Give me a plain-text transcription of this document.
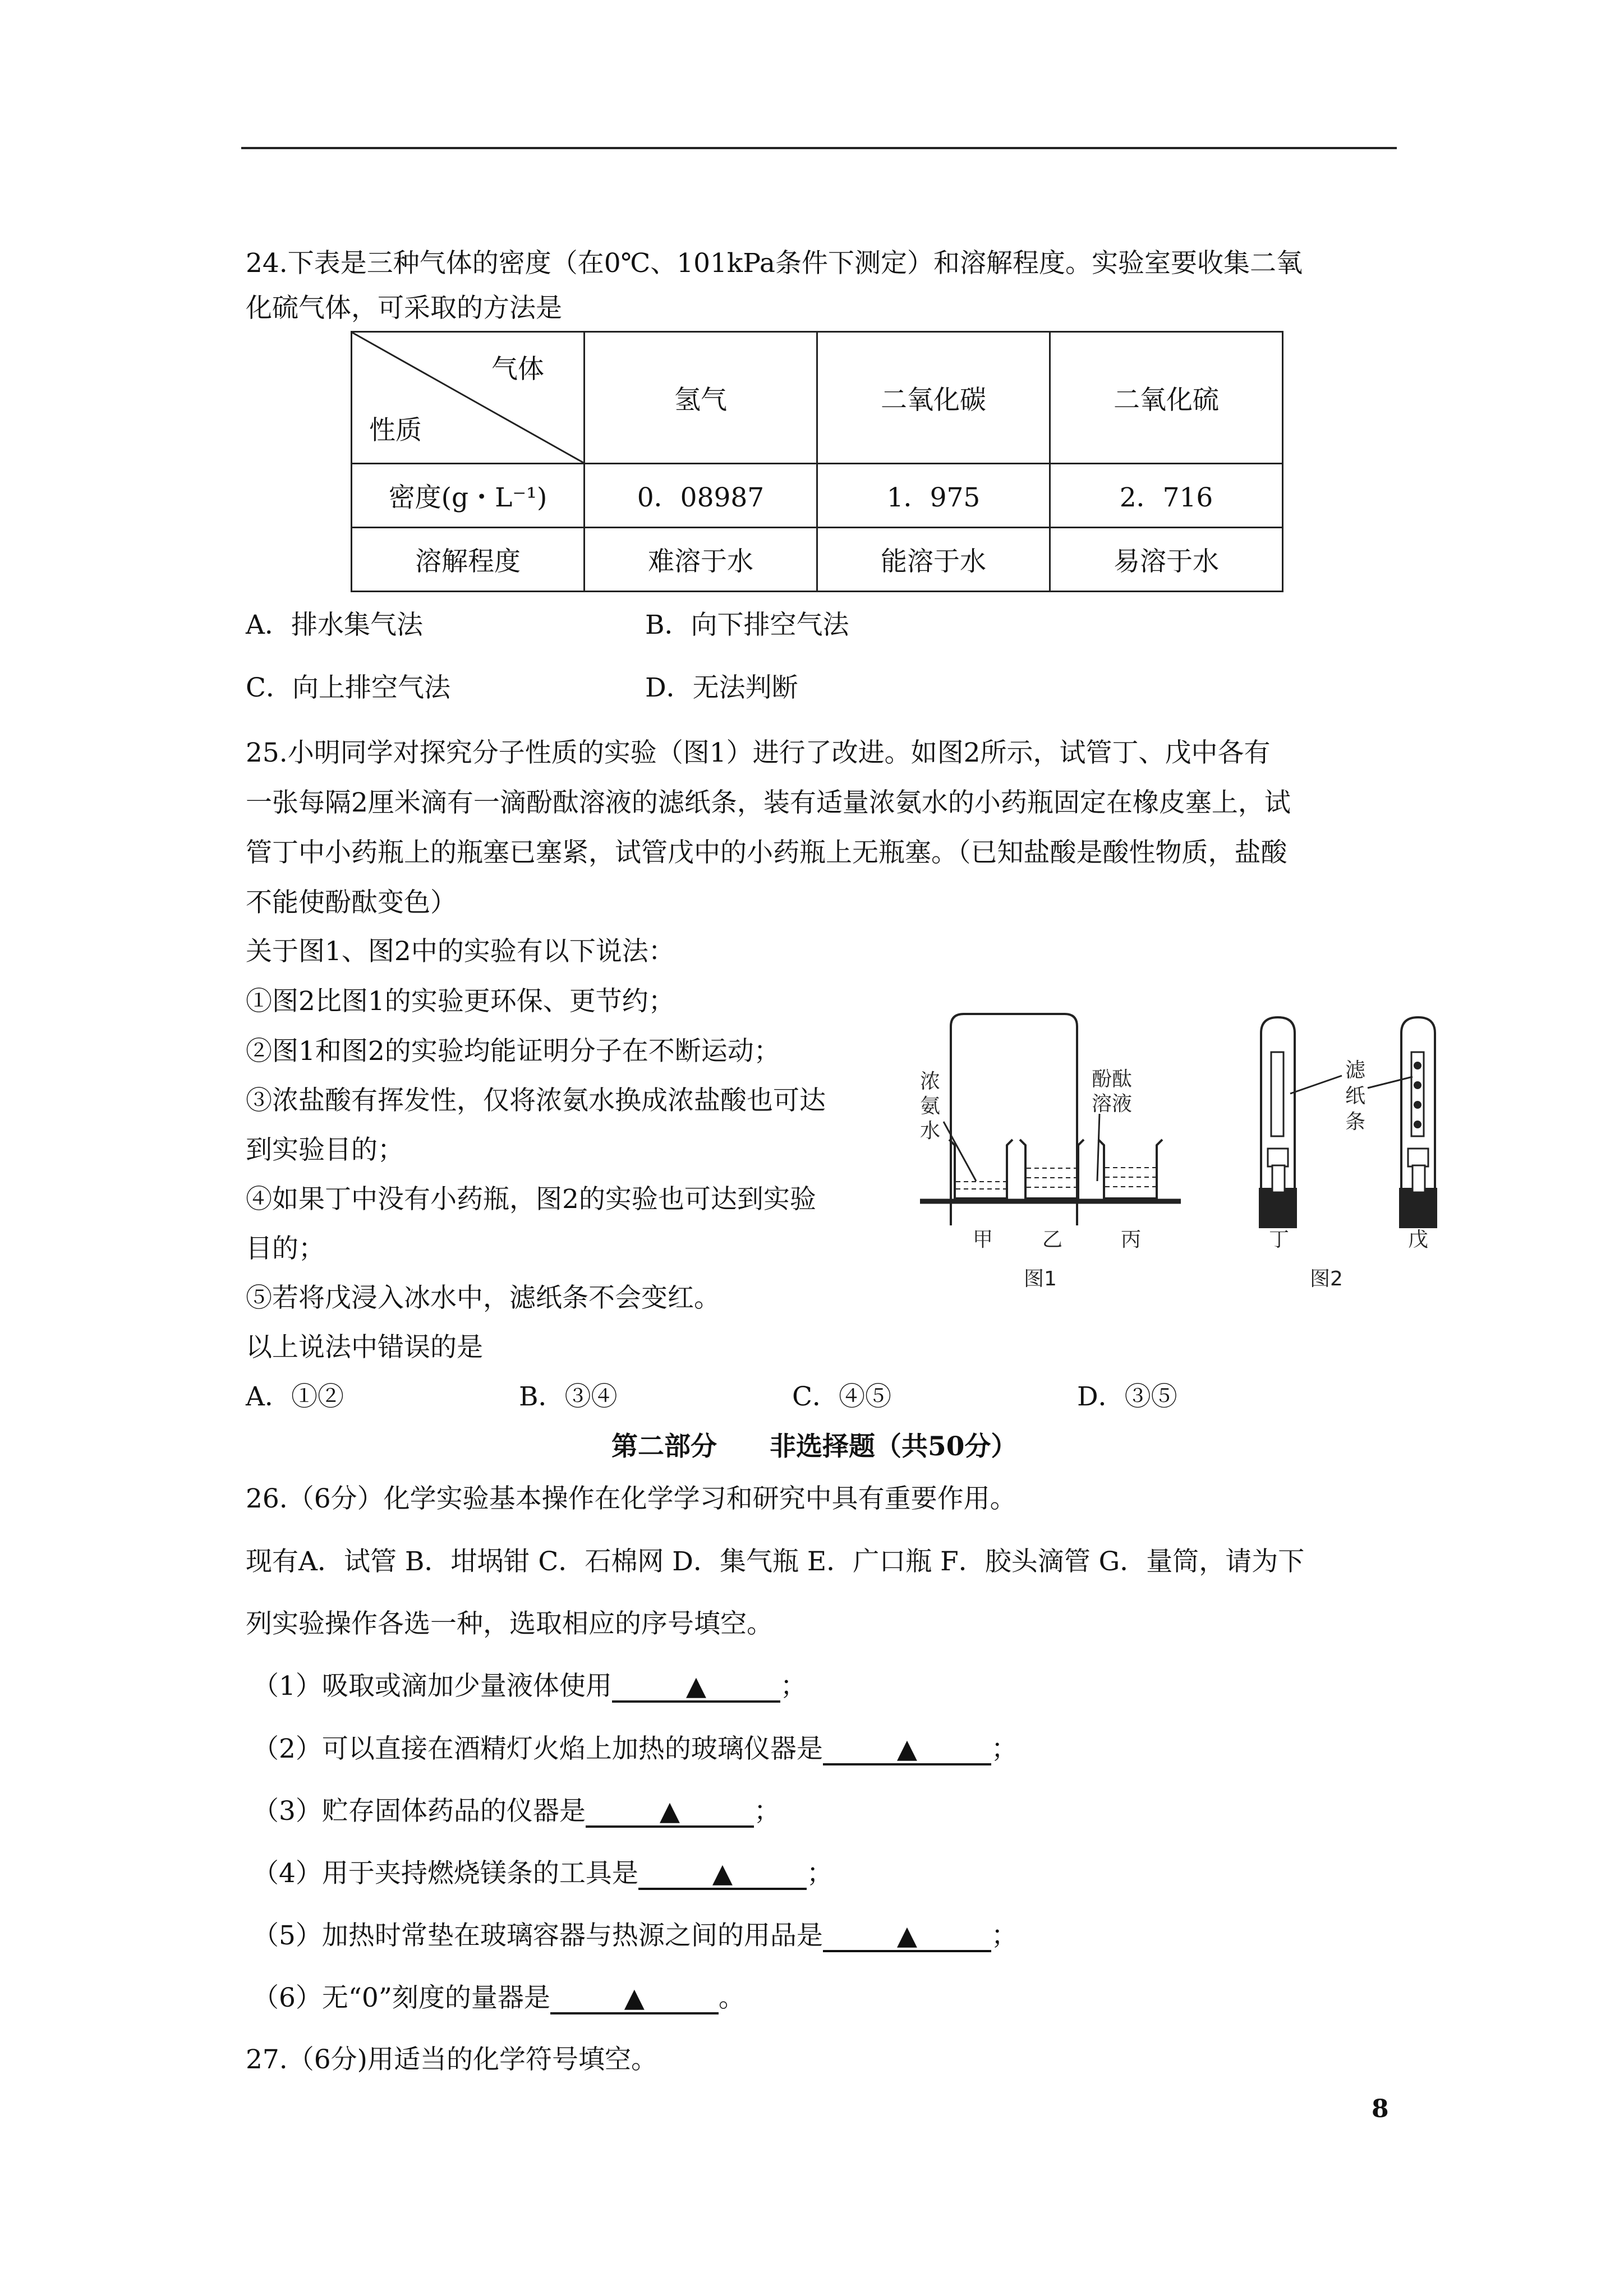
24.下表是三种气体的密度（在0℃、101kPa条件下测定）和溶解程度。实验室要收集二氧
化硫气体，可采取的方法是
气体
性质	氢气	二氧化碳	二氧化硫
密度(g・L⁻¹)	0．08987	1．975	2．716
溶解程度	难溶于水	能溶于水	易溶于水
A．排水集气法	B．向下排空气法
C．向上排空气法	D．无法判断
25.小明同学对探究分子性质的实验（图1）进行了改进。如图2所示，试管丁、戊中各有
一张每隔2厘米滴有一滴酚酞溶液的滤纸条，装有适量浓氨水的小药瓶固定在橡皮塞上，试
管丁中小药瓶上的瓶塞已塞紧，试管戊中的小药瓶上无瓶塞。（已知盐酸是酸性物质，盐酸
不能使酚酞变色）
关于图1、图2中的实验有以下说法：
①图2比图1的实验更环保、更节约；
②图1和图2的实验均能证明分子在不断运动；
③浓盐酸有挥发性，仅将浓氨水换成浓盐酸也可达
到实验目的；
④如果丁中没有小药瓶，图2的实验也可达到实验
目的；
⑤若将戊浸入冰水中，滤纸条不会变红。
以上说法中错误的是
A．①②	B．③④	C．④⑤	D．③⑤
浓
氨
水
酚酞
溶液
滤
纸
条
甲 乙	丙	丁	戊
图1	图2
第二部分　　非选择题（共50分）
26.（6分）化学实验基本操作在化学学习和研究中具有重要作用。
现有A．试管 B．坩埚钳 C．石棉网 D．集气瓶 E．广口瓶 F．胶头滴管 G．量筒，请为下
列实验操作各选一种，选取相应的序号填空。
（1）吸取或滴加少量液体使用	▲	；
（2）可以直接在酒精灯火焰上加热的玻璃仪器是	▲	；
（3）贮存固体药品的仪器是	▲	；
（4）用于夹持燃烧镁条的工具是	▲	；
（5）加热时常垫在玻璃容器与热源之间的用品是	▲	；
（6）无“0”刻度的量器是	▲	。
27.（6分)用适当的化学符号填空。
8
